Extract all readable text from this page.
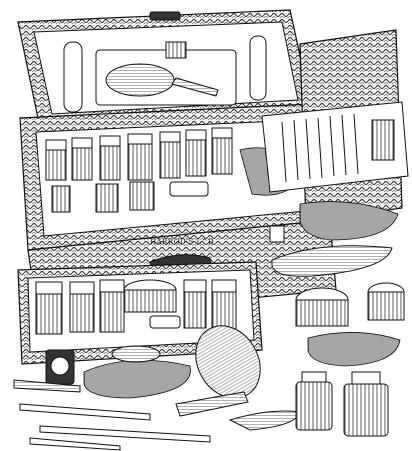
HARROD'S L^D
